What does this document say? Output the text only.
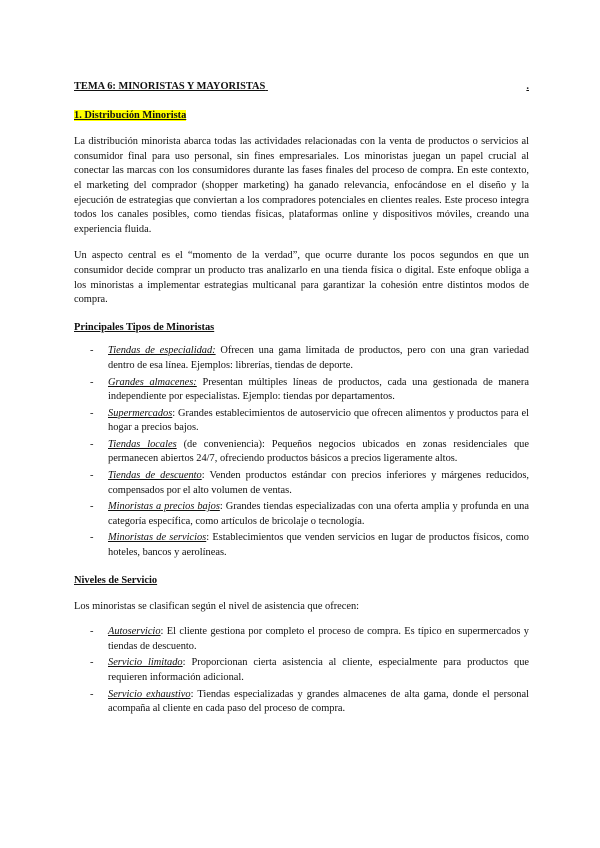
TEMA 6: MINORISTAS Y MAYORISTAS
	.
1. Distribución Minorista

La distribución minorista abarca todas las actividades relacionadas con la venta de productos o servicios al consumidor final para uso personal, sin fines empresariales. Los minoristas juegan un papel crucial al conectar las marcas con los consumidores durante las fases finales del proceso de compra. En este contexto, el marketing del comprador (shopper marketing) ha ganado relevancia, enfocándose en el diseño y la ejecución de estrategias que conviertan a los compradores potenciales en clientes reales. Este proceso integra todos los canales posibles, como tiendas físicas, plataformas online y dispositivos móviles, creando una experiencia fluida.

Un aspecto central es el “momento de la verdad”, que ocurre durante los pocos segundos en que un consumidor decide comprar un producto tras analizarlo en una tienda física o digital. Este enfoque obliga a los minoristas a implementar estrategias multicanal para garantizar la cohesión entre distintos modos de compra.

Principales Tipos de Minoristas
- Tiendas de especialidad: Ofrecen una gama limitada de productos, pero con una gran variedad dentro de esa línea. Ejemplos: librerías, tiendas de deporte.
- Grandes almacenes: Presentan múltiples líneas de productos, cada una gestionada de manera independiente por especialistas. Ejemplo: tiendas por departamentos.
- Supermercados: Grandes establecimientos de autoservicio que ofrecen alimentos y productos para el hogar a precios bajos.
- Tiendas locales (de conveniencia): Pequeños negocios ubicados en zonas residenciales que permanecen abiertos 24/7, ofreciendo productos básicos a precios ligeramente altos.
- Tiendas de descuento: Venden productos estándar con precios inferiores y márgenes reducidos, compensados por el alto volumen de ventas.
- Minoristas a precios bajos: Grandes tiendas especializadas con una oferta amplia y profunda en una categoría específica, como artículos de bricolaje o tecnología.
- Minoristas de servicios: Establecimientos que venden servicios en lugar de productos físicos, como hoteles, bancos y aerolíneas.
Niveles de Servicio

Los minoristas se clasifican según el nivel de asistencia que ofrecen:

- Autoservicio: El cliente gestiona por completo el proceso de compra. Es típico en supermercados y tiendas de descuento.
- Servicio limitado: Proporcionan cierta asistencia al cliente, especialmente para productos que requieren información adicional.
- Servicio exhaustivo: Tiendas especializadas y grandes almacenes de alta gama, donde el personal acompaña al cliente en cada paso del proceso de compra.
